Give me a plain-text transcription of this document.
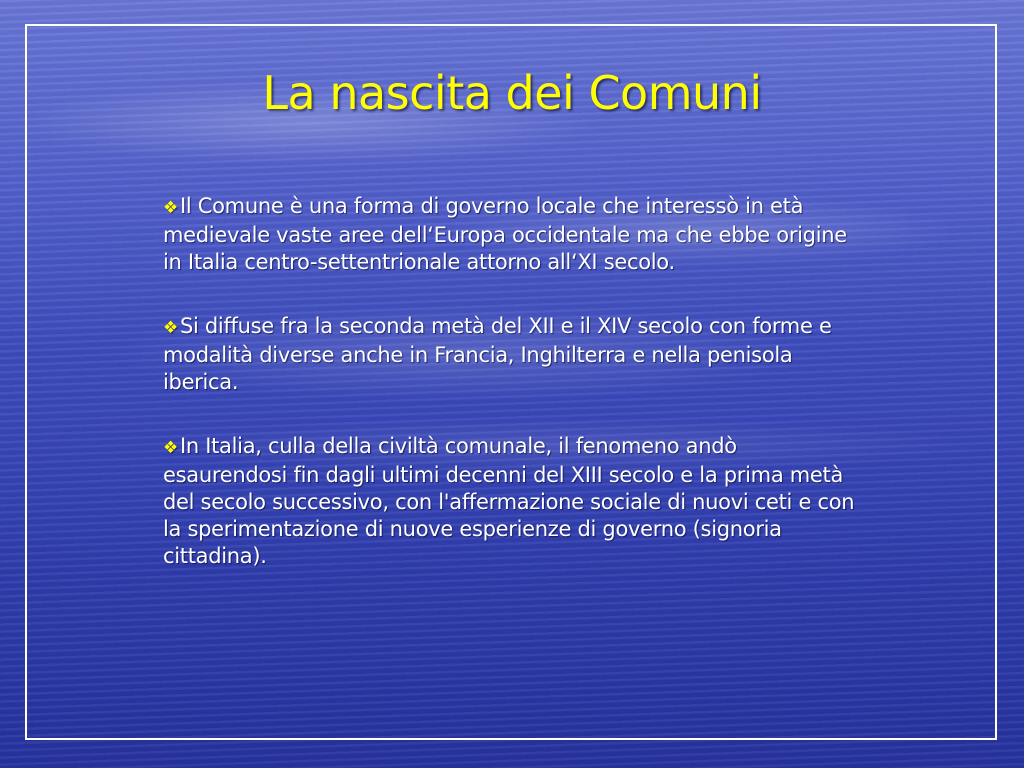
La nascita dei Comuni
❖Il Comune è una forma di governo locale che interessò in età medievale vaste aree dell‘Europa occidentale ma che ebbe origine in Italia centro-settentrionale attorno all‘XI secolo.
❖Si diffuse fra la seconda metà del XII e il XIV secolo con forme e modalità diverse anche in Francia, Inghilterra e nella penisola iberica.
❖In Italia, culla della civiltà comunale, il fenomeno andò esaurendosi fin dagli ultimi decenni del XIII secolo e la prima metà del secolo successivo, con l'affermazione sociale di nuovi ceti e con la sperimentazione di nuove esperienze di governo (signoria cittadina).
